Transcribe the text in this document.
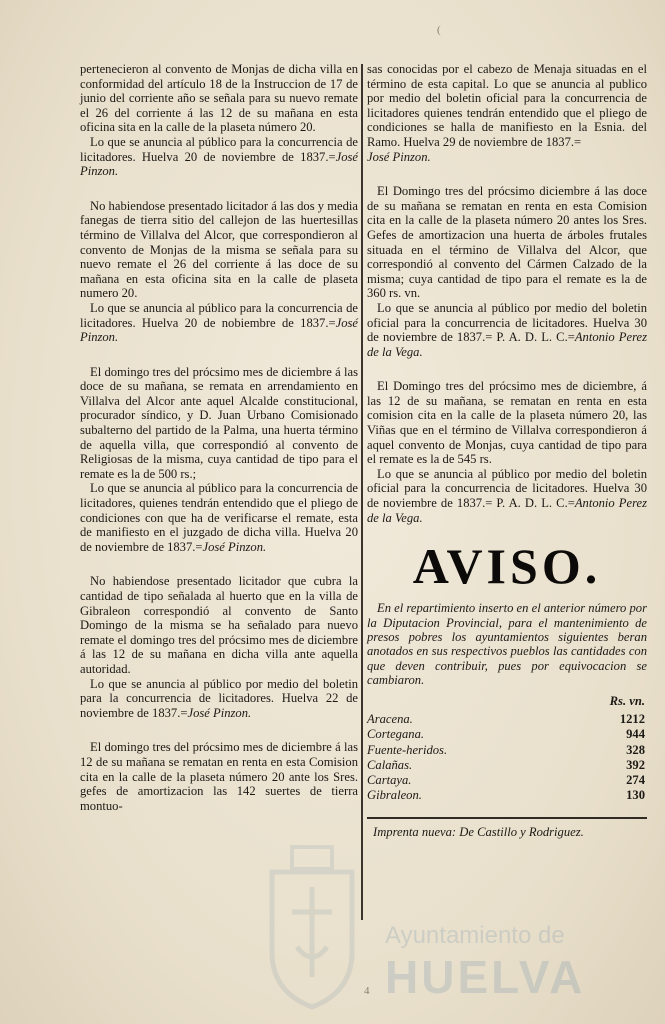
(

pertenecieron al convento de Monjas de dicha villa en conformidad del artículo 18 de la Instruccion de 17 de junio del corriente año se señala para su nuevo remate el 26 del corriente á las 12 de su mañana en esta oficina sita en la calle de la plaseta número 20.

Lo que se anuncia al público para la concurrencia de licitadores. Huelva 20 de noviembre de 1837.=José Pinzon.

No habiendose presentado licitador á las dos y media fanegas de tierra sitio del callejon de las huertesillas término de Villalva del Alcor, que correspondieron al convento de Monjas de la misma se señala para su nuevo remate el 26 del corriente á las doce de su mañana en esta oficina sita en la calle de plaseta numero 20.

Lo que se anuncia al público para la concurrencia de licitadores. Huelva 20 de nobiembre de 1837.=José Pinzon.

El domingo tres del prócsimo mes de diciembre á las doce de su mañana, se remata en arrendamiento en Villalva del Alcor ante aquel Alcalde constitucional, procurador síndico, y D. Juan Urbano Comisionado subalterno del partido de la Palma, una huerta término de aquella villa, que correspondió al convento de Religiosas de la misma, cuya cantidad de tipo para el remate es la de 500 rs.;

Lo que se anuncia al público para la concurrencia de licitadores, quienes tendrán entendido que el pliego de condiciones con que ha de verificarse el remate, esta de manifiesto en el juzgado de dicha villa. Huelva 20 de noviembre de 1837.=José Pinzon.

No habiendose presentado licitador que cubra la cantidad de tipo señalada al huerto que en la villa de Gibraleon correspondió al convento de Santo Domingo de la misma se ha señalado para nuevo remate el domingo tres del prócsimo mes de diciembre á las 12 de su mañana en dicha villa ante aquella autoridad.

Lo que se anuncia al público por medio del boletin para la concurrencia de licitadores. Huelva 22 de noviembre de 1837.=José Pinzon.

El domingo tres del prócsimo mes de diciembre á las 12 de su mañana se rematan en renta en esta Comision cita en la calle de la plaseta número 20 ante los Sres. gefes de amortizacion las 142 suertes de tierra montuo-

sas conocidas por el cabezo de Menaja situadas en el término de esta capital. Lo que se anuncia al publico por medio del boletin oficial para la concurrencia de licitadores quienes tendrán entendido que el pliego de condiciones se halla de manifiesto en la Esnia. del Ramo. Huelva 29 de noviembre de 1837.=
José Pinzon.

El Domingo tres del prócsimo diciembre á las doce de su mañana se rematan en renta en esta Comision cita en la calle de la plaseta número 20 antes los Sres. Gefes de amortizacion una huerta de árboles frutales situada en el término de Villalva del Alcor, que correspondió al convento del Cármen Calzado de la misma; cuya cantidad de tipo para el remate es la de 360 rs. vn.

Lo que se anuncia al público por medio del boletin oficial para la concurrencia de licitadores. Huelva 30 de noviembre de 1837.= P. A. D. L. C.=Antonio Perez de la Vega.

El Domingo tres del prócsimo mes de diciembre, á las 12 de su mañana, se rematan en renta en esta comision cita en la calle de la plaseta número 20, las Viñas que en el término de Villalva correspondieron á aquel convento de Monjas, cuya cantidad de tipo para el remate es la de 545 rs.

Lo que se anuncia al público por medio del boletin oficial para la concurrencia de licitadores. Huelva 30 de noviembre de 1837.= P. A. D. L. C.=Antonio Perez de la Vega.

AVISO.

En el repartimiento inserto en el anterior número por la Diputacion Provincial, para el mantenimiento de presos pobres los ayuntamientos siguientes beran anotados en sus respectivos pueblos las cantidades con que deven contribuir, pues por equivocacion se cambiaron.

Rs. vn.
Aracena.	1212
Cortegana.	944
Fuente-heridos.	328
Calañas.	392
Cartaya.	274
Gibraleon.	130
Imprenta nueva: De Castillo y Rodriguez.
Ayuntamiento de
HUELVA
4
